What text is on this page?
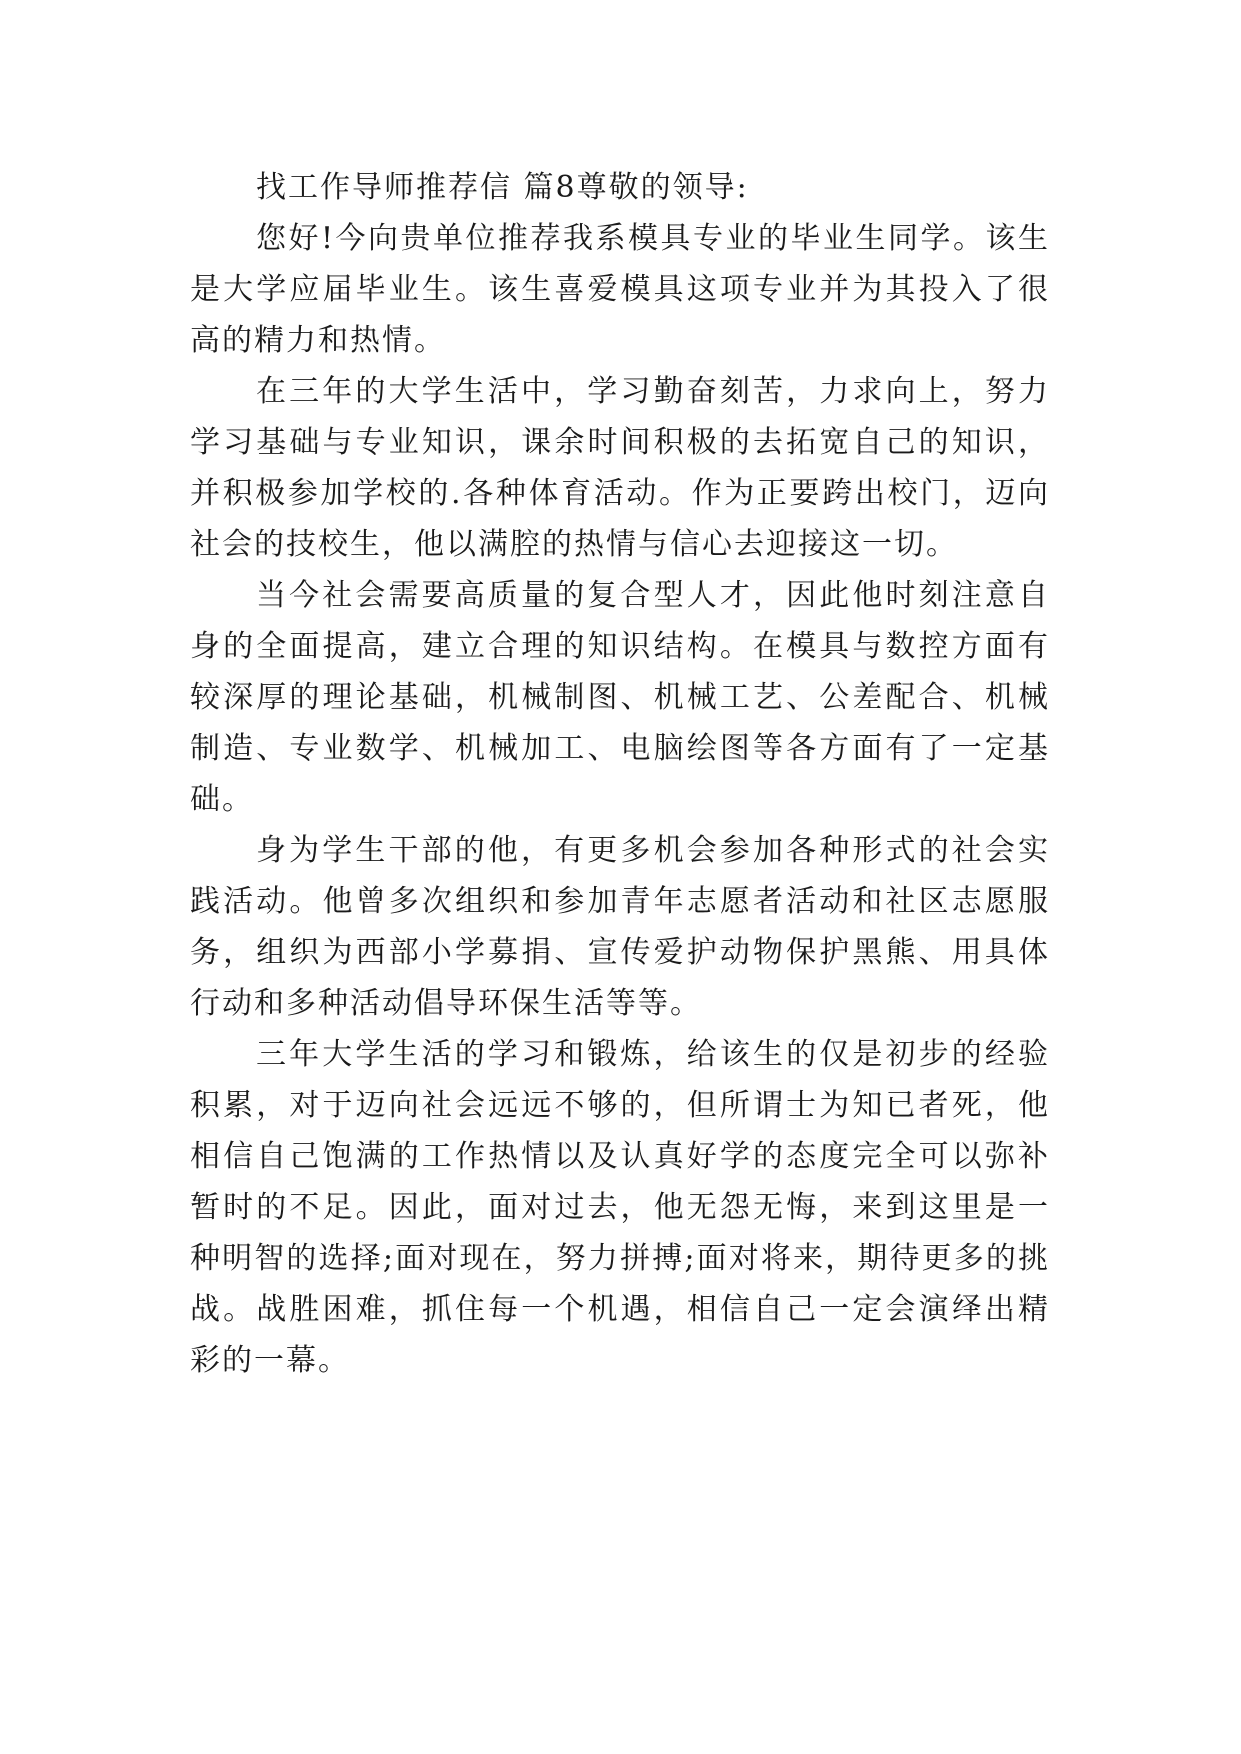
找工作导师推荐信 篇8尊敬的领导:

您好!今向贵单位推荐我系模具专业的毕业生同学。该生是大学应届毕业生。该生喜爱模具这项专业并为其投入了很高的精力和热情。

在三年的大学生活中，学习勤奋刻苦，力求向上，努力学习基础与专业知识，课余时间积极的去拓宽自己的知识，并积极参加学校的.各种体育活动。作为正要跨出校门，迈向社会的技校生，他以满腔的热情与信心去迎接这一切。

当今社会需要高质量的复合型人才，因此他时刻注意自身的全面提高，建立合理的知识结构。在模具与数控方面有较深厚的理论基础，机械制图、机械工艺、公差配合、机械制造、专业数学、机械加工、电脑绘图等各方面有了一定基础。

身为学生干部的他，有更多机会参加各种形式的社会实践活动。他曾多次组织和参加青年志愿者活动和社区志愿服务，组织为西部小学募捐、宣传爱护动物保护黑熊、用具体行动和多种活动倡导环保生活等等。

三年大学生活的学习和锻炼，给该生的仅是初步的经验积累，对于迈向社会远远不够的，但所谓士为知已者死，他相信自己饱满的工作热情以及认真好学的态度完全可以弥补暂时的不足。因此，面对过去，他无怨无悔，来到这里是一种明智的选择;面对现在，努力拼搏;面对将来，期待更多的挑战。战胜困难，抓住每一个机遇，相信自己一定会演绎出精彩的一幕。
